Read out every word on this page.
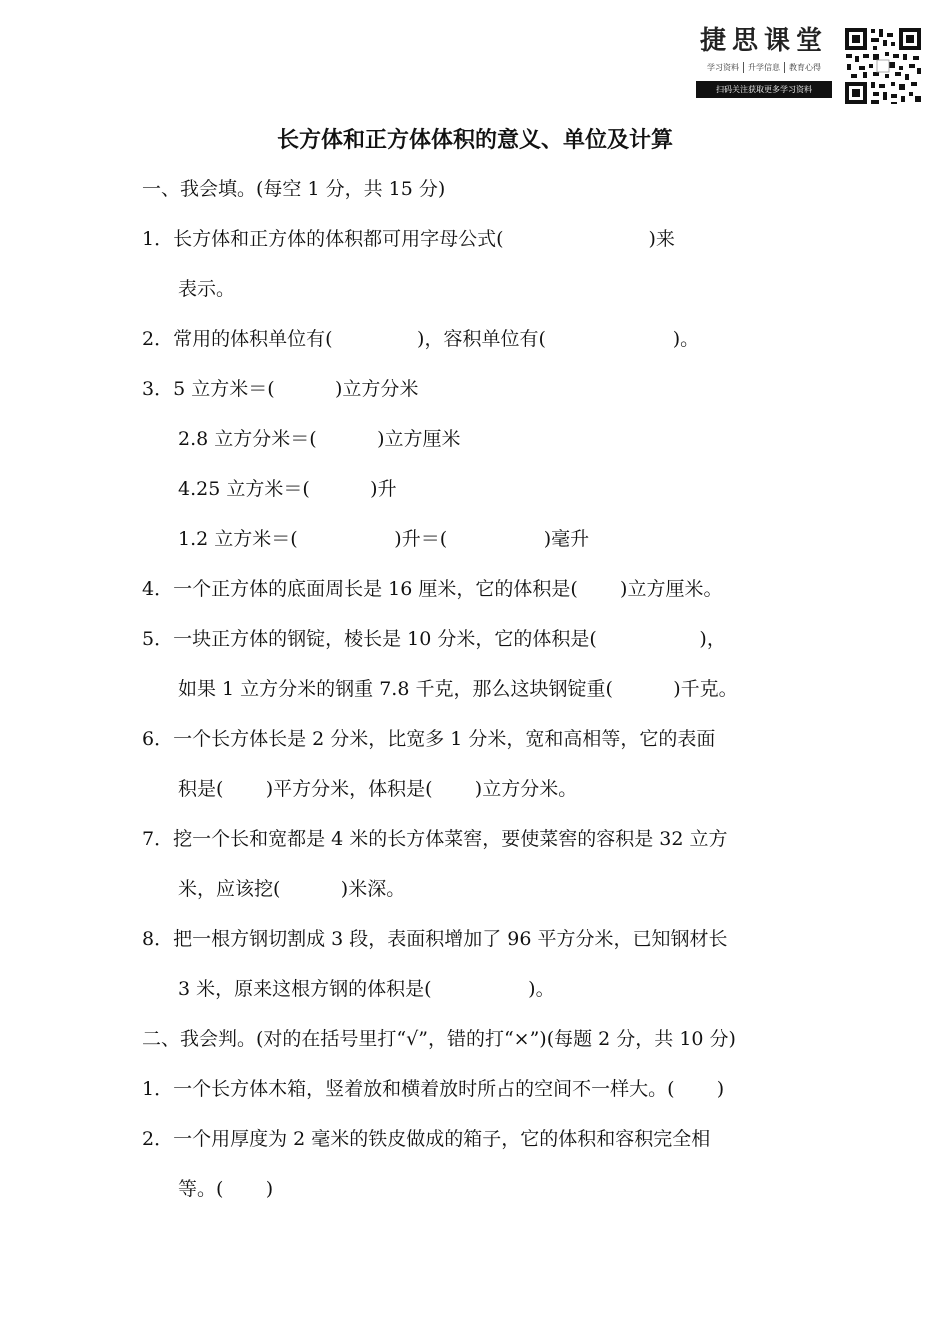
捷思课堂
学习资料	升学信息	教育心得
扫码关注获取更多学习资料
长方体和正方体体积的意义、单位及计算
一、我会填。(每空 1 分，共 15 分)
1．长方体和正方体的体积都可用字母公式(                        )来
表示。
2．常用的体积单位有(              )，容积单位有(                     )。
3．5 立方米＝(          )立方分米
2.8 立方分米＝(          )立方厘米
4.25 立方米＝(          )升
1.2 立方米＝(                )升＝(                )毫升
4．一个正方体的底面周长是 16 厘米，它的体积是(       )立方厘米。
5．一块正方体的钢锭，棱长是 10 分米，它的体积是(                 )，
如果 1 立方分米的钢重 7.8 千克，那么这块钢锭重(          )千克。
6．一个长方体长是 2 分米，比宽多 1 分米，宽和高相等，它的表面
积是(       )平方分米，体积是(       )立方分米。
7．挖一个长和宽都是 4 米的长方体菜窖，要使菜窖的容积是 32 立方
米，应该挖(          )米深。
8．把一根方钢切割成 3 段，表面积增加了 96 平方分米，已知钢材长
3 米，原来这根方钢的体积是(                )。
二、我会判。(对的在括号里打“√”，错的打“×”)(每题 2 分，共 10 分)
1．一个长方体木箱，竖着放和横着放时所占的空间不一样大。(       )
2．一个用厚度为 2 毫米的铁皮做成的箱子，它的体积和容积完全相
等。(       )
